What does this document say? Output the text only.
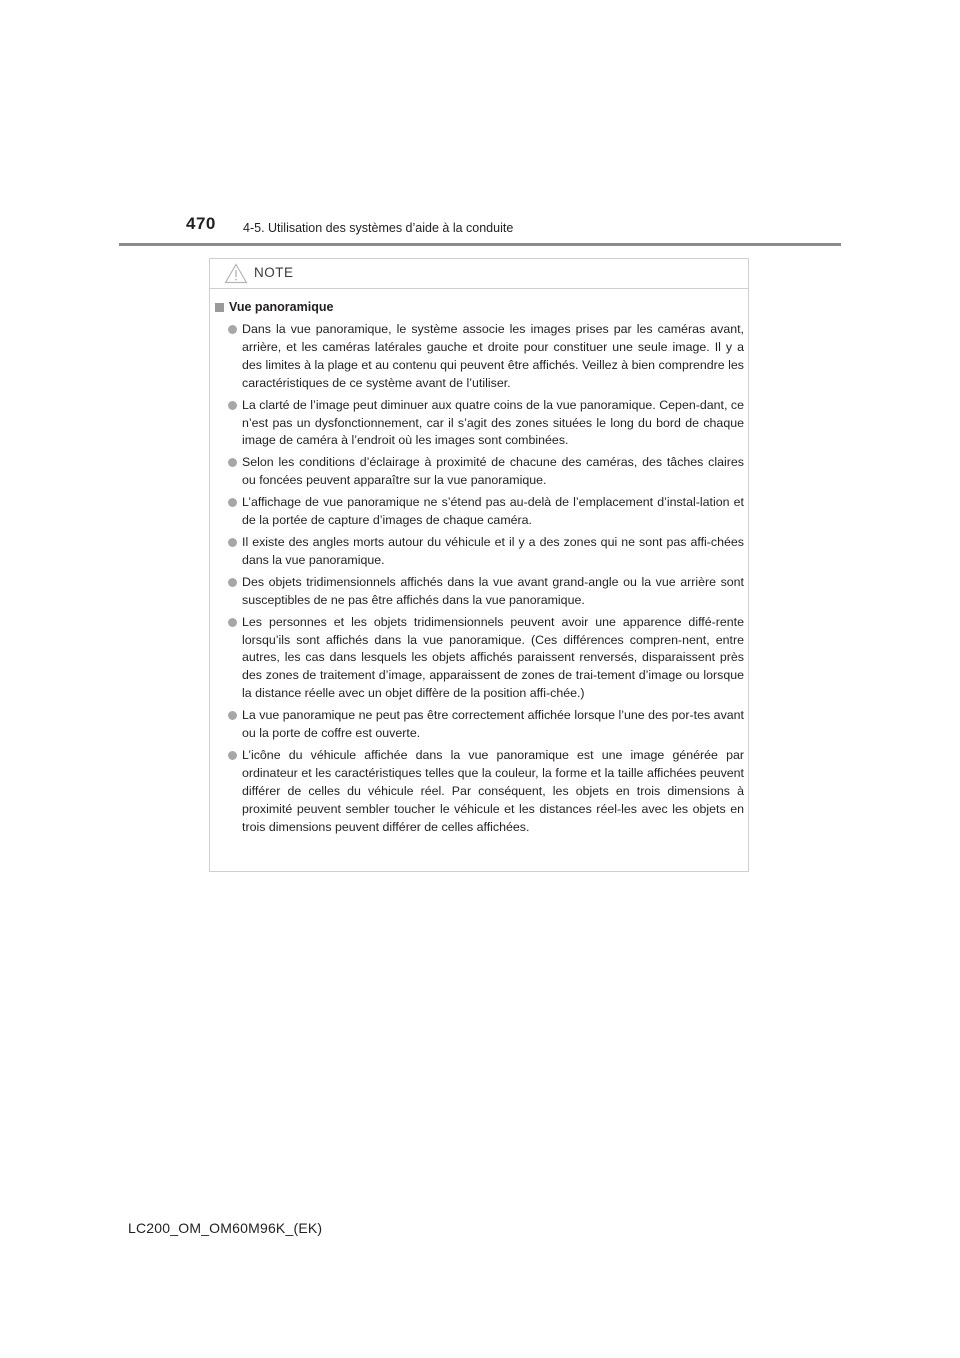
470 4-5. Utilisation des systèmes d’aide à la conduite
NOTE
Vue panoramique
Dans la vue panoramique, le système associe les images prises par les caméras avant, arrière, et les caméras latérales gauche et droite pour constituer une seule image. Il y a des limites à la plage et au contenu qui peuvent être affichés. Veillez à bien comprendre les caractéristiques de ce système avant de l’utiliser.
La clarté de l’image peut diminuer aux quatre coins de la vue panoramique. Cepen-dant, ce n’est pas un dysfonctionnement, car il s’agit des zones situées le long du bord de chaque image de caméra à l’endroit où les images sont combinées.
Selon les conditions d’éclairage à proximité de chacune des caméras, des tâches claires ou foncées peuvent apparaître sur la vue panoramique.
L’affichage de vue panoramique ne s’étend pas au-delà de l’emplacement d’instal-lation et de la portée de capture d’images de chaque caméra.
Il existe des angles morts autour du véhicule et il y a des zones qui ne sont pas affi-chées dans la vue panoramique.
Des objets tridimensionnels affichés dans la vue avant grand-angle ou la vue arrière sont susceptibles de ne pas être affichés dans la vue panoramique.
Les personnes et les objets tridimensionnels peuvent avoir une apparence diffé-rente lorsqu’ils sont affichés dans la vue panoramique. (Ces différences compren-nent, entre autres, les cas dans lesquels les objets affichés paraissent renversés, disparaissent près des zones de traitement d’image, apparaissent de zones de trai-tement d’image ou lorsque la distance réelle avec un objet diffère de la position affi-chée.)
La vue panoramique ne peut pas être correctement affichée lorsque l’une des por-tes avant ou la porte de coffre est ouverte.
L’icône du véhicule affichée dans la vue panoramique est une image générée par ordinateur et les caractéristiques telles que la couleur, la forme et la taille affichées peuvent différer de celles du véhicule réel. Par conséquent, les objets en trois dimensions à proximité peuvent sembler toucher le véhicule et les distances réel-les avec les objets en trois dimensions peuvent différer de celles affichées.
LC200_OM_OM60M96K_(EK)
